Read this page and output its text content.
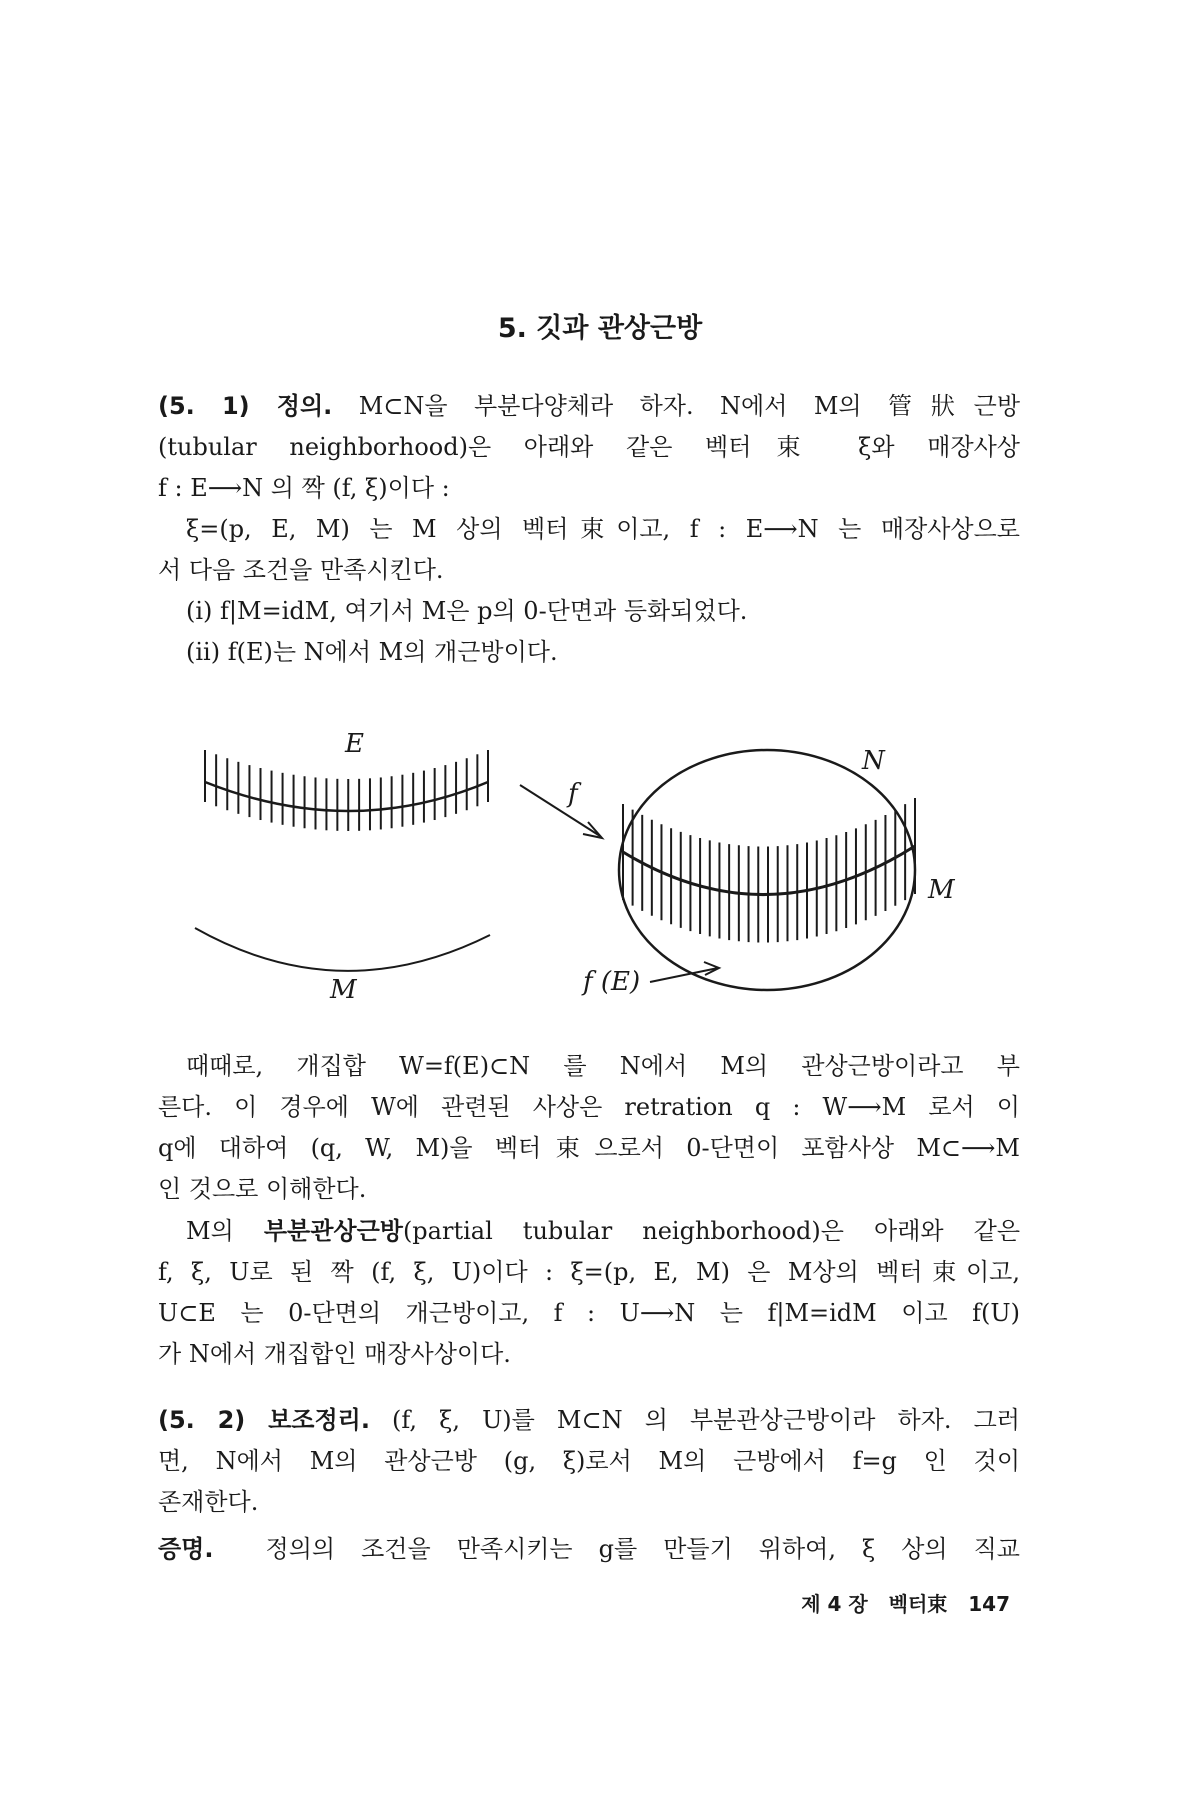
5. 깃과 관상근방
(5. 1) 정의. M⊂N을 부분다양체라 하자. N에서 M의 管狀근방
(tubular neighborhood)은 아래와 같은 벡터束 ξ와 매장사상
f : E⟶N 의 짝 (f, ξ)이다 :
ξ=(p, E, M) 는 M 상의 벡터束이고, f : E⟶N 는 매장사상으로
서 다음 조건을 만족시킨다.
(i) f|M=idM, 여기서 M은 p의 0-단면과 등화되었다.
(ii) f(E)는 N에서 M의 개근방이다.
E
M
f
N
M
f (E)
때때로, 개집합 W=f(E)⊂N 를 N에서 M의 관상근방이라고 부
른다. 이 경우에 W에 관련된 사상은 retration q : W⟶M 로서 이
q에 대하여 (q, W, M)을 벡터束으로서 0-단면이 포함사상 M⊂⟶M
인 것으로 이해한다.
M의 부분관상근방(partial tubular neighborhood)은 아래와 같은
f, ξ, U로 된 짝 (f, ξ, U)이다 : ξ=(p, E, M) 은 M상의 벡터束이고,
U⊂E 는 0-단면의 개근방이고, f : U⟶N 는 f|M=idM 이고 f(U)
가 N에서 개집합인 매장사상이다.
(5. 2) 보조정리. (f, ξ, U)를 M⊂N 의 부분관상근방이라 하자. 그러
면, N에서 M의 관상근방 (g, ξ)로서 M의 근방에서 f=g 인 것이
존재한다.
증명. 정의의 조건을 만족시키는 g를 만들기 위하여, ξ 상의 직교
제 4 장 벡터束 147
